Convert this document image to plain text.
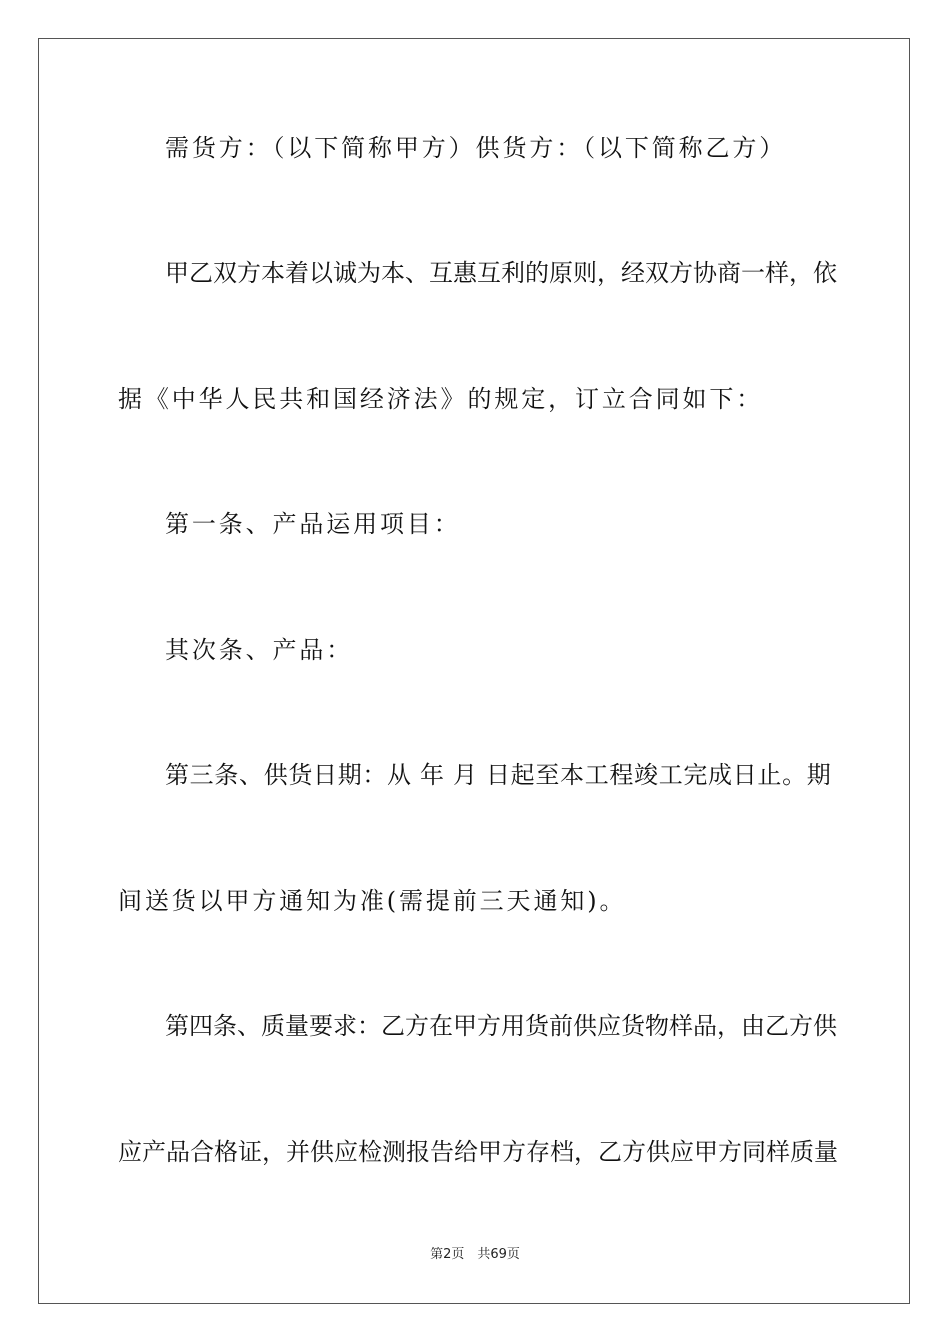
需货方：（以下简称甲方）供货方：（以下简称乙方）
甲 乙 双 方 本 着 以 诚 为 本 、 互 惠 互 利 的 原 则 ， 经 双 方 协 商 一 样 ， 依
据《中华人民共和国经济法》的规定，订立合同如下：
第一条、产品运用项目：
其次条、产品：
第 三 条 、 供 货 日 期 ： 从
年
月
日 起 至 本 工 程 竣 工 完 成 日 止 。 期
间送货以甲方通知为准(需提前三天通知)。
第 四 条 、 质 量 要 求 ： 乙 方 在 甲 方 用 货 前 供 应 货 物 样 品 ， 由 乙 方 供
应 产 品 合 格 证 ， 并 供 应 检 测 报 告 给 甲 方 存 档 ， 乙 方 供 应 甲 方 同 样 质 量
第2页　共69页
